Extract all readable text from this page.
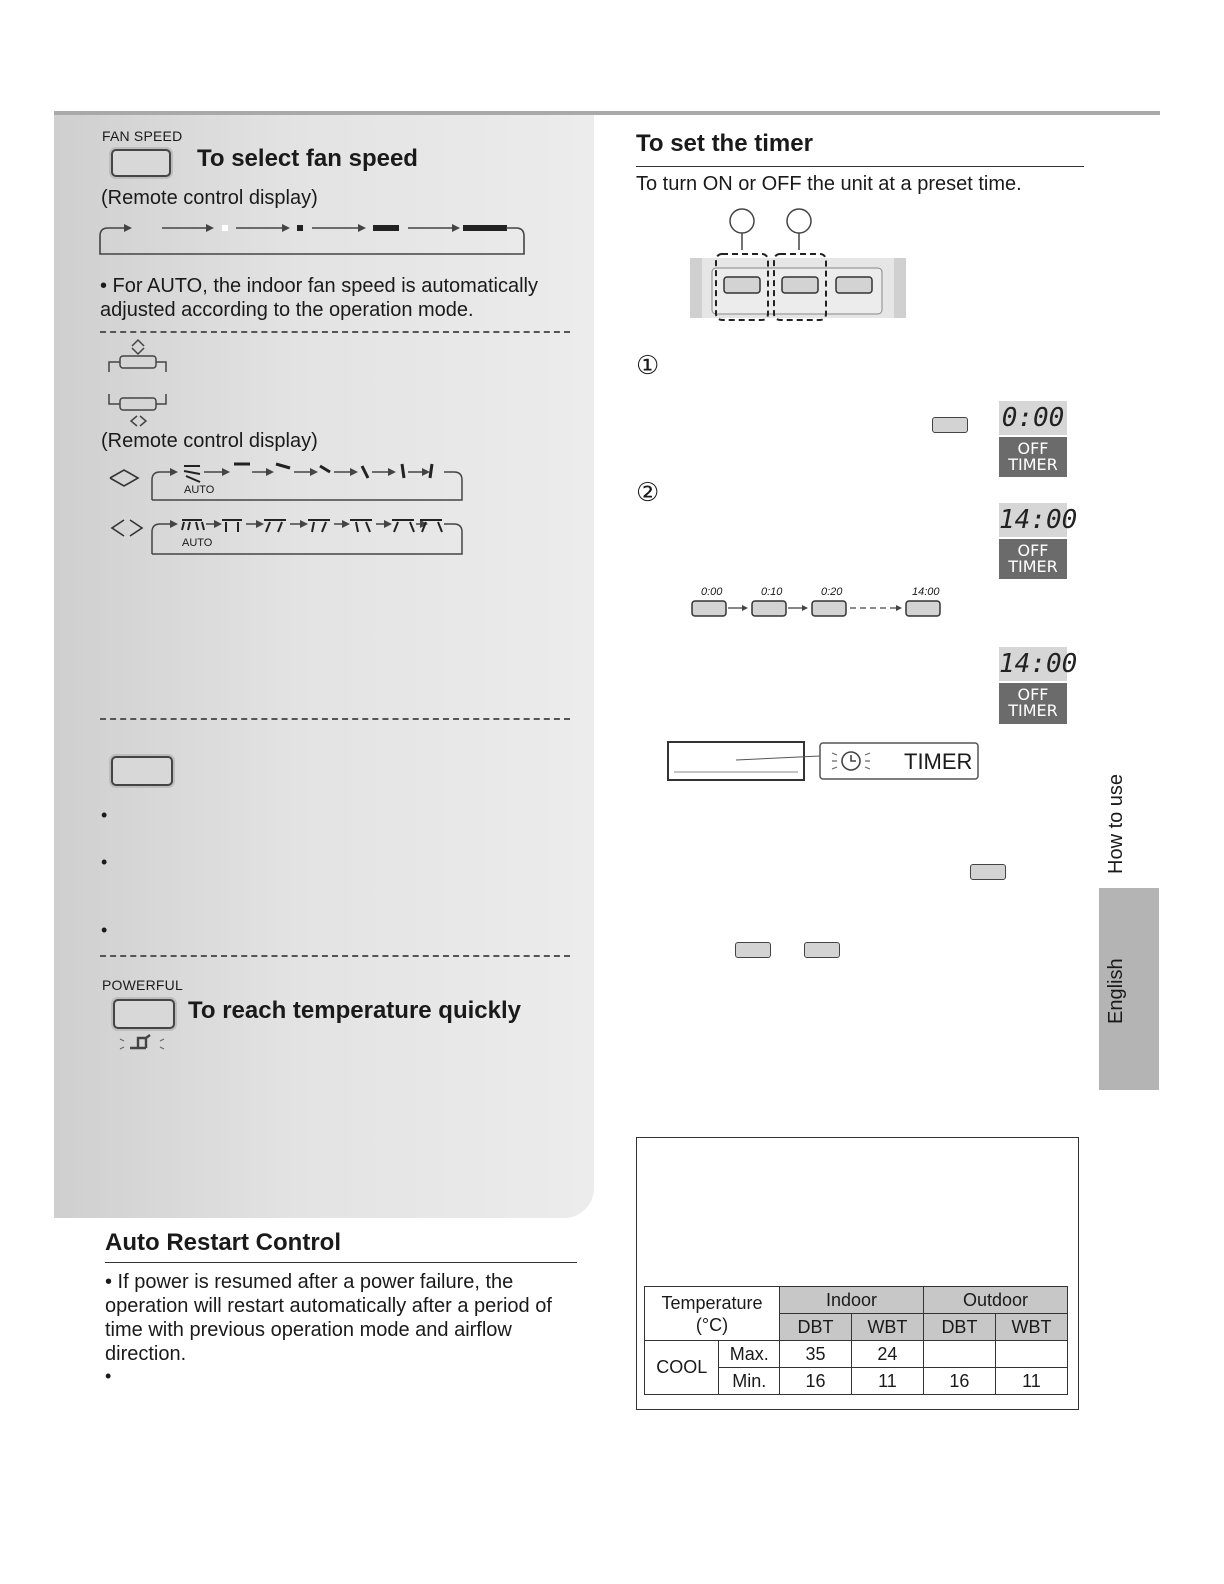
FAN SPEED
To select fan speed
(Remote control display)
• For AUTO, the indoor fan speed is automatically adjusted according to the operation mode.
(Remote control display)
AUTO
AUTO
•
•
•
POWERFUL
To reach temperature quickly
Auto Restart Control
• If power is resumed after a power failure, the operation will restart automatically after a period of time with previous operation mode and airflow direction.
•
To set the timer
To turn ON or OFF the unit at a preset time.
①
0:00
OFF
TIMER
②
14:00
OFF
TIMER
0:00	0:10	0:20	14:00
14:00
OFF
TIMER
TIMER
Temperature
(°C)		Indoor		Outdoor	
		DBT	WBT	DBT	WBT
COOL	Max.	35	24		
	Min.	16	11	16	11
How to use
English
